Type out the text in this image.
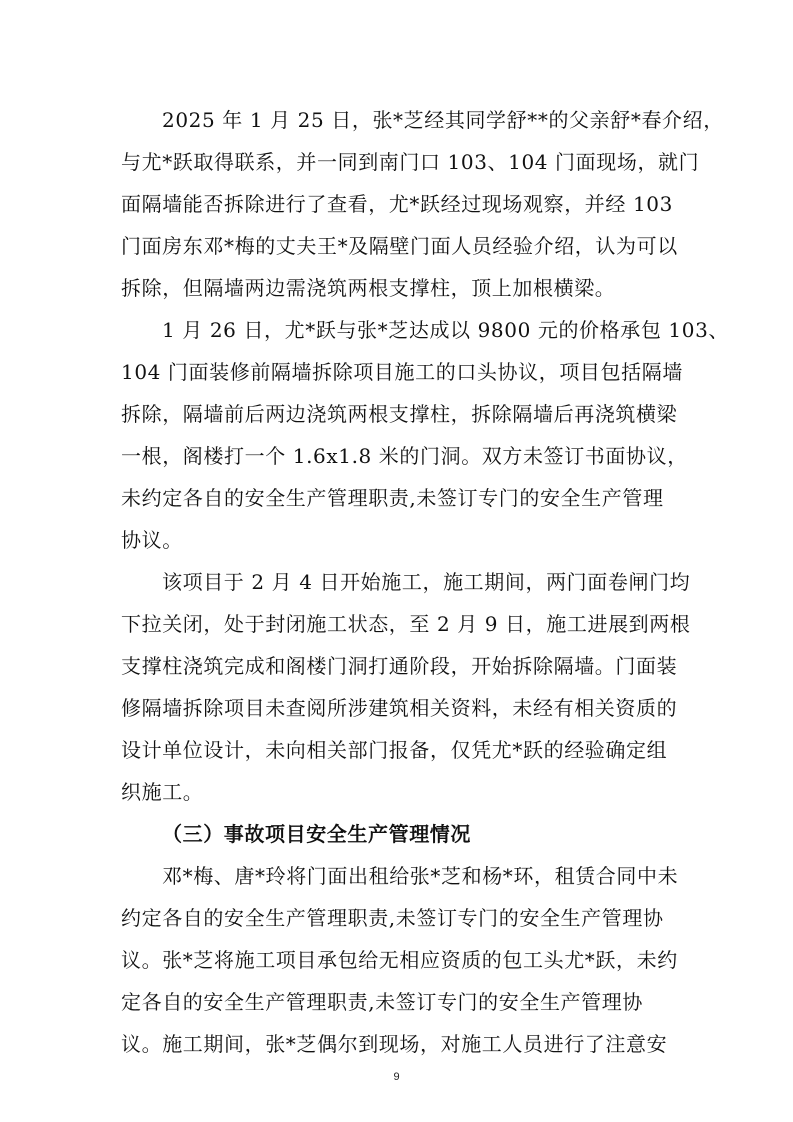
2025 年 1 月 25 日，张*芝经其同学舒**的父亲舒*春介绍，
与尤*跃取得联系，并一同到南门口 103、104 门面现场，就门
面隔墙能否拆除进行了查看，尤*跃经过现场观察，并经 103
门面房东邓*梅的丈夫王*及隔壁门面人员经验介绍，认为可以
拆除，但隔墙两边需浇筑两根支撑柱，顶上加根横梁。
1 月 26 日，尤*跃与张*芝达成以 9800 元的价格承包 103、
104 门面装修前隔墙拆除项目施工的口头协议，项目包括隔墙
拆除，隔墙前后两边浇筑两根支撑柱，拆除隔墙后再浇筑横梁
一根，阁楼打一个 1.6x1.8 米的门洞。双方未签订书面协议，
未约定各自的安全生产管理职责,未签订专门的安全生产管理
协议。
该项目于 2 月 4 日开始施工，施工期间，两门面卷闸门均
下拉关闭，处于封闭施工状态，至 2 月 9 日，施工进展到两根
支撑柱浇筑完成和阁楼门洞打通阶段，开始拆除隔墙。门面装
修隔墙拆除项目未查阅所涉建筑相关资料，未经有相关资质的
设计单位设计，未向相关部门报备，仅凭尤*跃的经验确定组
织施工。
（三）事故项目安全生产管理情况
邓*梅、唐*玲将门面出租给张*芝和杨*环，租赁合同中未
约定各自的安全生产管理职责,未签订专门的安全生产管理协
议。张*芝将施工项目承包给无相应资质的包工头尤*跃，未约
定各自的安全生产管理职责,未签订专门的安全生产管理协
议。施工期间，张*芝偶尔到现场，对施工人员进行了注意安
9
